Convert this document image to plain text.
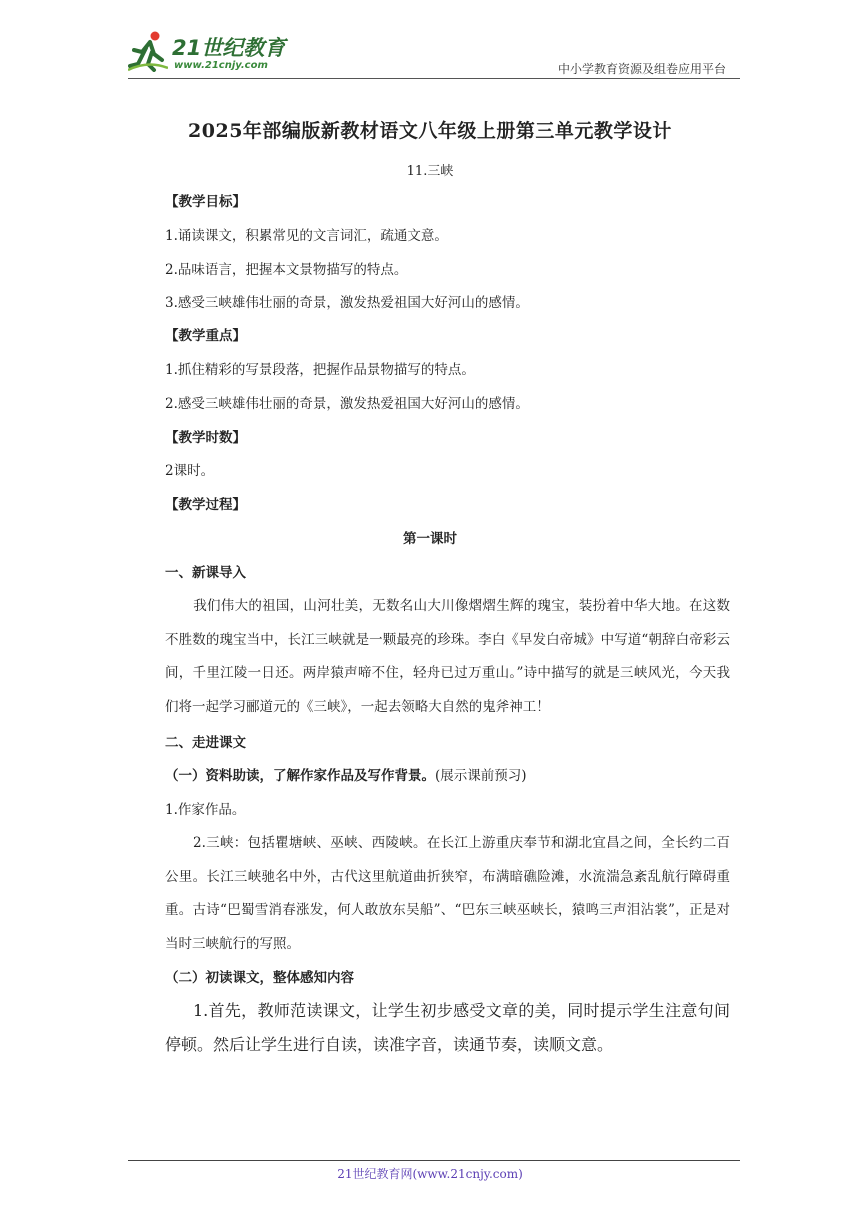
21世纪教育
www.21cnjy.com	中小学教育资源及组卷应用平台
2025年部编版新教材语文八年级上册第三单元教学设计
11.三峡
【教学目标】
1.诵读课文，积累常见的文言词汇，疏通文意。
2.品味语言，把握本文景物描写的特点。
3.感受三峡雄伟壮丽的奇景，激发热爱祖国大好河山的感情。
【教学重点】
1.抓住精彩的写景段落，把握作品景物描写的特点。
2.感受三峡雄伟壮丽的奇景，激发热爱祖国大好河山的感情。
【教学时数】
2课时。
【教学过程】
第一课时
一、新课导入
我们伟大的祖国，山河壮美，无数名山大川像熠熠生辉的瑰宝，装扮着中华大地。在这数不胜数的瑰宝当中，长江三峡就是一颗最亮的珍珠。李白《早发白帝城》中写道“朝辞白帝彩云间，千里江陵一日还。两岸猿声啼不住，轻舟已过万重山。”诗中描写的就是三峡风光，今天我们将一起学习郦道元的《三峡》，一起去领略大自然的鬼斧神工！
二、走进课文
（一）资料助读，了解作家作品及写作背景。(展示课前预习)
1.作家作品。
2.三峡：包括瞿塘峡、巫峡、西陵峡。在长江上游重庆奉节和湖北宜昌之间，全长约二百公里。长江三峡驰名中外，古代这里航道曲折狭窄，布满暗礁险滩，水流湍急紊乱航行障碍重重。古诗“巴蜀雪消春涨发，何人敢放东吴船”、“巴东三峡巫峡长，猿鸣三声泪沾裳”，正是对当时三峡航行的写照。
（二）初读课文，整体感知内容
1.首先，教师范读课文，让学生初步感受文章的美，同时提示学生注意句间停顿。然后让学生进行自读，读准字音，读通节奏，读顺文意。
21世纪教育网(www.21cnjy.com)
